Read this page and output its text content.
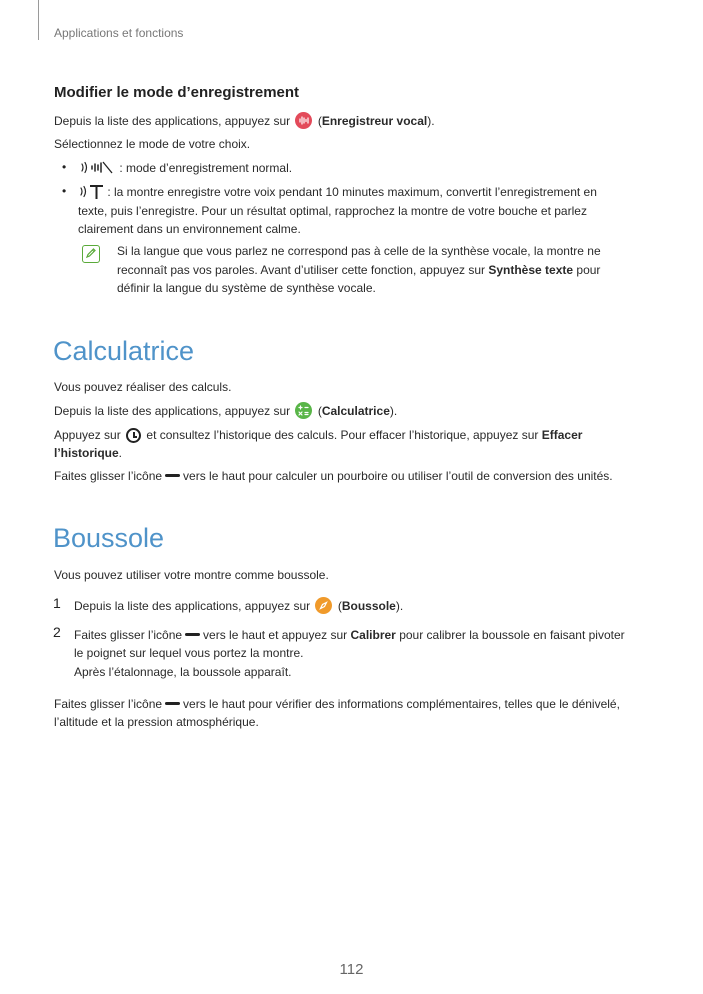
Applications et fonctions
Modifier le mode d’enregistrement
Depuis la liste des applications, appuyez sur (Enregistreur vocal).
Sélectionnez le mode de votre choix.
•	: mode d’enregistrement normal.
•	: la montre enregistre votre voix pendant 10 minutes maximum, convertit l’enregistrement en
texte, puis l’enregistre. Pour un résultat optimal, rapprochez la montre de votre bouche et parlez
clairement dans un environnement calme.
Si la langue que vous parlez ne correspond pas à celle de la synthèse vocale, la montre ne
reconnaît pas vos paroles. Avant d’utiliser cette fonction, appuyez sur Synthèse texte pour
définir la langue du système de synthèse vocale.
Calculatrice
Vous pouvez réaliser des calculs.
Depuis la liste des applications, appuyez sur (Calculatrice).
Appuyez sur et consultez l’historique des calculs. Pour effacer l’historique, appuyez sur Effacer
l’historique.
Faites glisser l’icône vers le haut pour calculer un pourboire ou utiliser l’outil de conversion des unités.
Boussole
Vous pouvez utiliser votre montre comme boussole.
1 Depuis la liste des applications, appuyez sur (Boussole).
2 Faites glisser l’icône vers le haut et appuyez sur Calibrer pour calibrer la boussole en faisant pivoter
le poignet sur lequel vous portez la montre.
Après l’étalonnage, la boussole apparaît.
Faites glisser l’icône vers le haut pour vérifier des informations complémentaires, telles que le dénivelé,
l’altitude et la pression atmosphérique.
112
